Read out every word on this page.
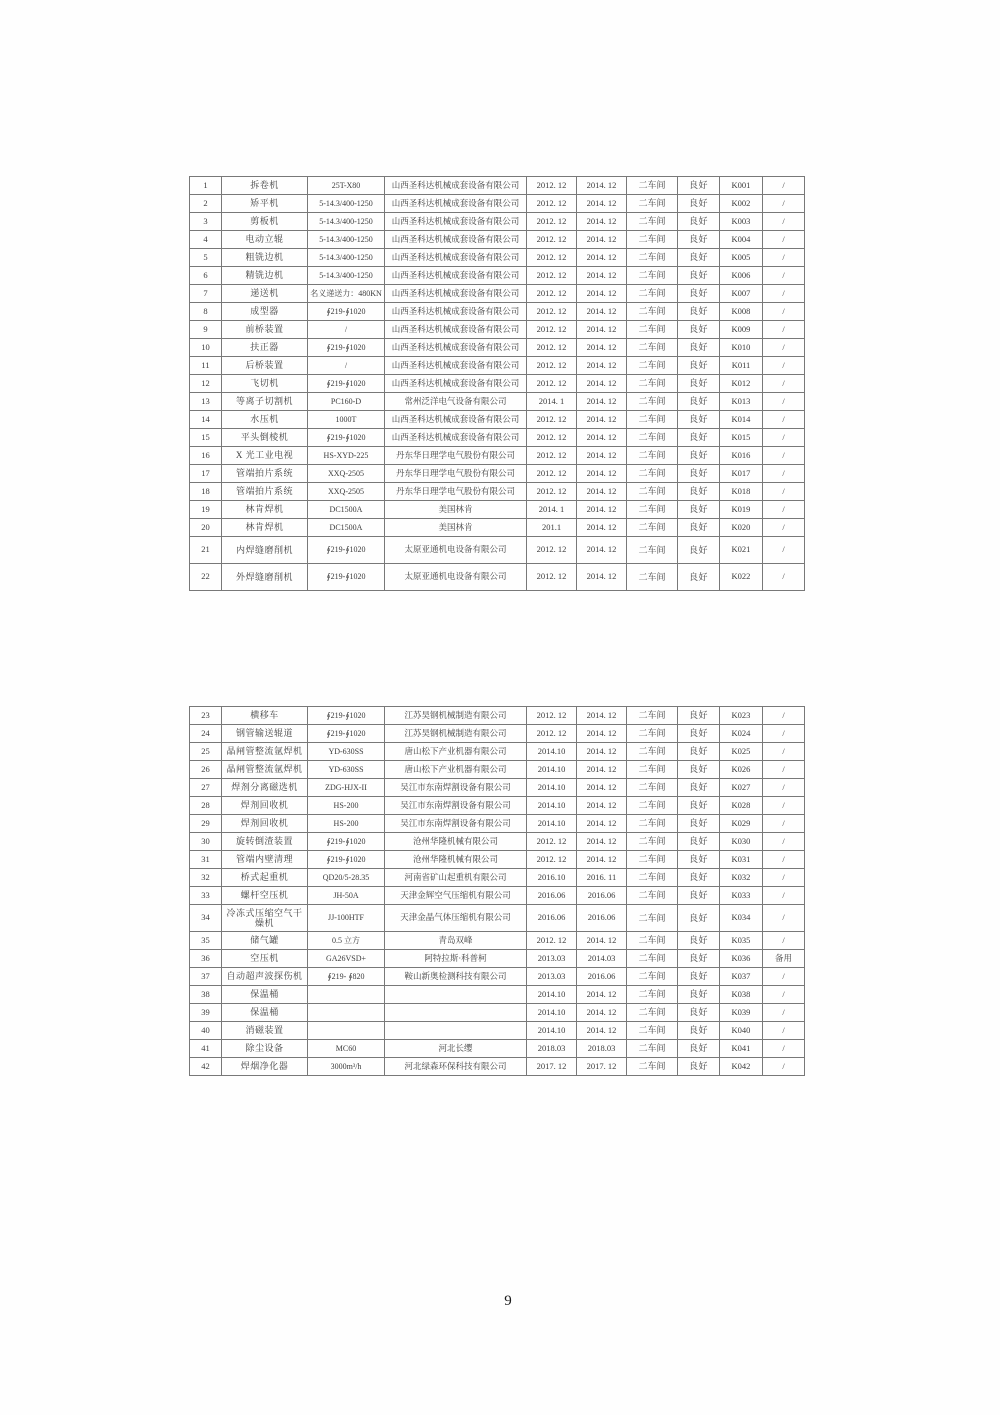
1	拆卷机	25T-X80	山西圣科达机械成套设备有限公司	2012. 12	2014. 12	二车间	良好	K001	/
2	矫平机	5-14.3/400-1250	山西圣科达机械成套设备有限公司	2012. 12	2014. 12	二车间	良好	K002	/
3	剪板机	5-14.3/400-1250	山西圣科达机械成套设备有限公司	2012. 12	2014. 12	二车间	良好	K003	/
4	电动立辊	5-14.3/400-1250	山西圣科达机械成套设备有限公司	2012. 12	2014. 12	二车间	良好	K004	/
5	粗铣边机	5-14.3/400-1250	山西圣科达机械成套设备有限公司	2012. 12	2014. 12	二车间	良好	K005	/
6	精铣边机	5-14.3/400-1250	山西圣科达机械成套设备有限公司	2012. 12	2014. 12	二车间	良好	K006	/
7	递送机	名义递送力：480KN	山西圣科达机械成套设备有限公司	2012. 12	2014. 12	二车间	良好	K007	/
8	成型器	∮219-∮1020	山西圣科达机械成套设备有限公司	2012. 12	2014. 12	二车间	良好	K008	/
9	前桥装置	/	山西圣科达机械成套设备有限公司	2012. 12	2014. 12	二车间	良好	K009	/
10	扶正器	∮219-∮1020	山西圣科达机械成套设备有限公司	2012. 12	2014. 12	二车间	良好	K010	/
11	后桥装置	/	山西圣科达机械成套设备有限公司	2012. 12	2014. 12	二车间	良好	K011	/
12	飞切机	∮219-∮1020	山西圣科达机械成套设备有限公司	2012. 12	2014. 12	二车间	良好	K012	/
13	等离子切割机	PC160-D	常州泛洋电气设备有限公司	2014. 1	2014. 12	二车间	良好	K013	/
14	水压机	1000T	山西圣科达机械成套设备有限公司	2012. 12	2014. 12	二车间	良好	K014	/
15	平头倒棱机	∮219-∮1020	山西圣科达机械成套设备有限公司	2012. 12	2014. 12	二车间	良好	K015	/
16	X 光工业电视	HS-XYD-225	丹东华日理学电气股份有限公司	2012. 12	2014. 12	二车间	良好	K016	/
17	管端拍片系统	XXQ-2505	丹东华日理学电气股份有限公司	2012. 12	2014. 12	二车间	良好	K017	/
18	管端拍片系统	XXQ-2505	丹东华日理学电气股份有限公司	2012. 12	2014. 12	二车间	良好	K018	/
19	林肯焊机	DC1500A	美国林肯	2014. 1	2014. 12	二车间	良好	K019	/
20	林肯焊机	DC1500A	美国林肯	201.1	2014. 12	二车间	良好	K020	/
21	内焊缝磨削机	∮219-∮1020	太原亚通机电设备有限公司	2012. 12	2014. 12	二车间	良好	K021	/
22	外焊缝磨削机	∮219-∮1020	太原亚通机电设备有限公司	2012. 12	2014. 12	二车间	良好	K022	/
23	横移车	∮219-∮1020	江苏昊钢机械制造有限公司	2012. 12	2014. 12	二车间	良好	K023	/
24	钢管输送辊道	∮219-∮1020	江苏昊钢机械制造有限公司	2012. 12	2014. 12	二车间	良好	K024	/
25	晶闸管整流氩焊机	YD-630SS	唐山松下产业机器有限公司	2014.10	2014. 12	二车间	良好	K025	/
26	晶闸管整流氩焊机	YD-630SS	唐山松下产业机器有限公司	2014.10	2014. 12	二车间	良好	K026	/
27	焊剂分离磁选机	ZDG-HJX-II	吴江市东南焊割设备有限公司	2014.10	2014. 12	二车间	良好	K027	/
28	焊剂回收机	HS-200	吴江市东南焊割设备有限公司	2014.10	2014. 12	二车间	良好	K028	/
29	焊剂回收机	HS-200	吴江市东南焊割设备有限公司	2014.10	2014. 12	二车间	良好	K029	/
30	旋转倒渣装置	∮219-∮1020	沧州华隆机械有限公司	2012. 12	2014. 12	二车间	良好	K030	/
31	管端内壁清理	∮219-∮1020	沧州华隆机械有限公司	2012. 12	2014. 12	二车间	良好	K031	/
32	桥式起重机	QD20/5-28.35	河南省矿山起重机有限公司	2016.10	2016. 11	二车间	良好	K032	/
33	螺杆空压机	JH-50A	天津金辉空气压缩机有限公司	2016.06	2016.06	二车间	良好	K033	/
34	冷冻式压缩空气干燥机	JJ-100HTF	天津金晶气体压缩机有限公司	2016.06	2016.06	二车间	良好	K034	/
35	储气罐	0.5 立方	青岛双峰	2012. 12	2014. 12	二车间	良好	K035	/
36	空压机	GA26VSD+	阿特拉斯·科普柯	2013.03	2014.03	二车间	良好	K036	备用
37	自动超声波探伤机	∮219- ∮820	鞍山新奥检测科技有限公司	2013.03	2016.06	二车间	良好	K037	/
38	保温桶			2014.10	2014. 12	二车间	良好	K038	/
39	保温桶			2014.10	2014. 12	二车间	良好	K039	/
40	消磁装置			2014.10	2014. 12	二车间	良好	K040	/
41	除尘设备	MC60	河北长缨	2018.03	2018.03	二车间	良好	K041	/
42	焊烟净化器	3000m³/h	河北绿森环保科技有限公司	2017. 12	2017. 12	二车间	良好	K042	/
9
